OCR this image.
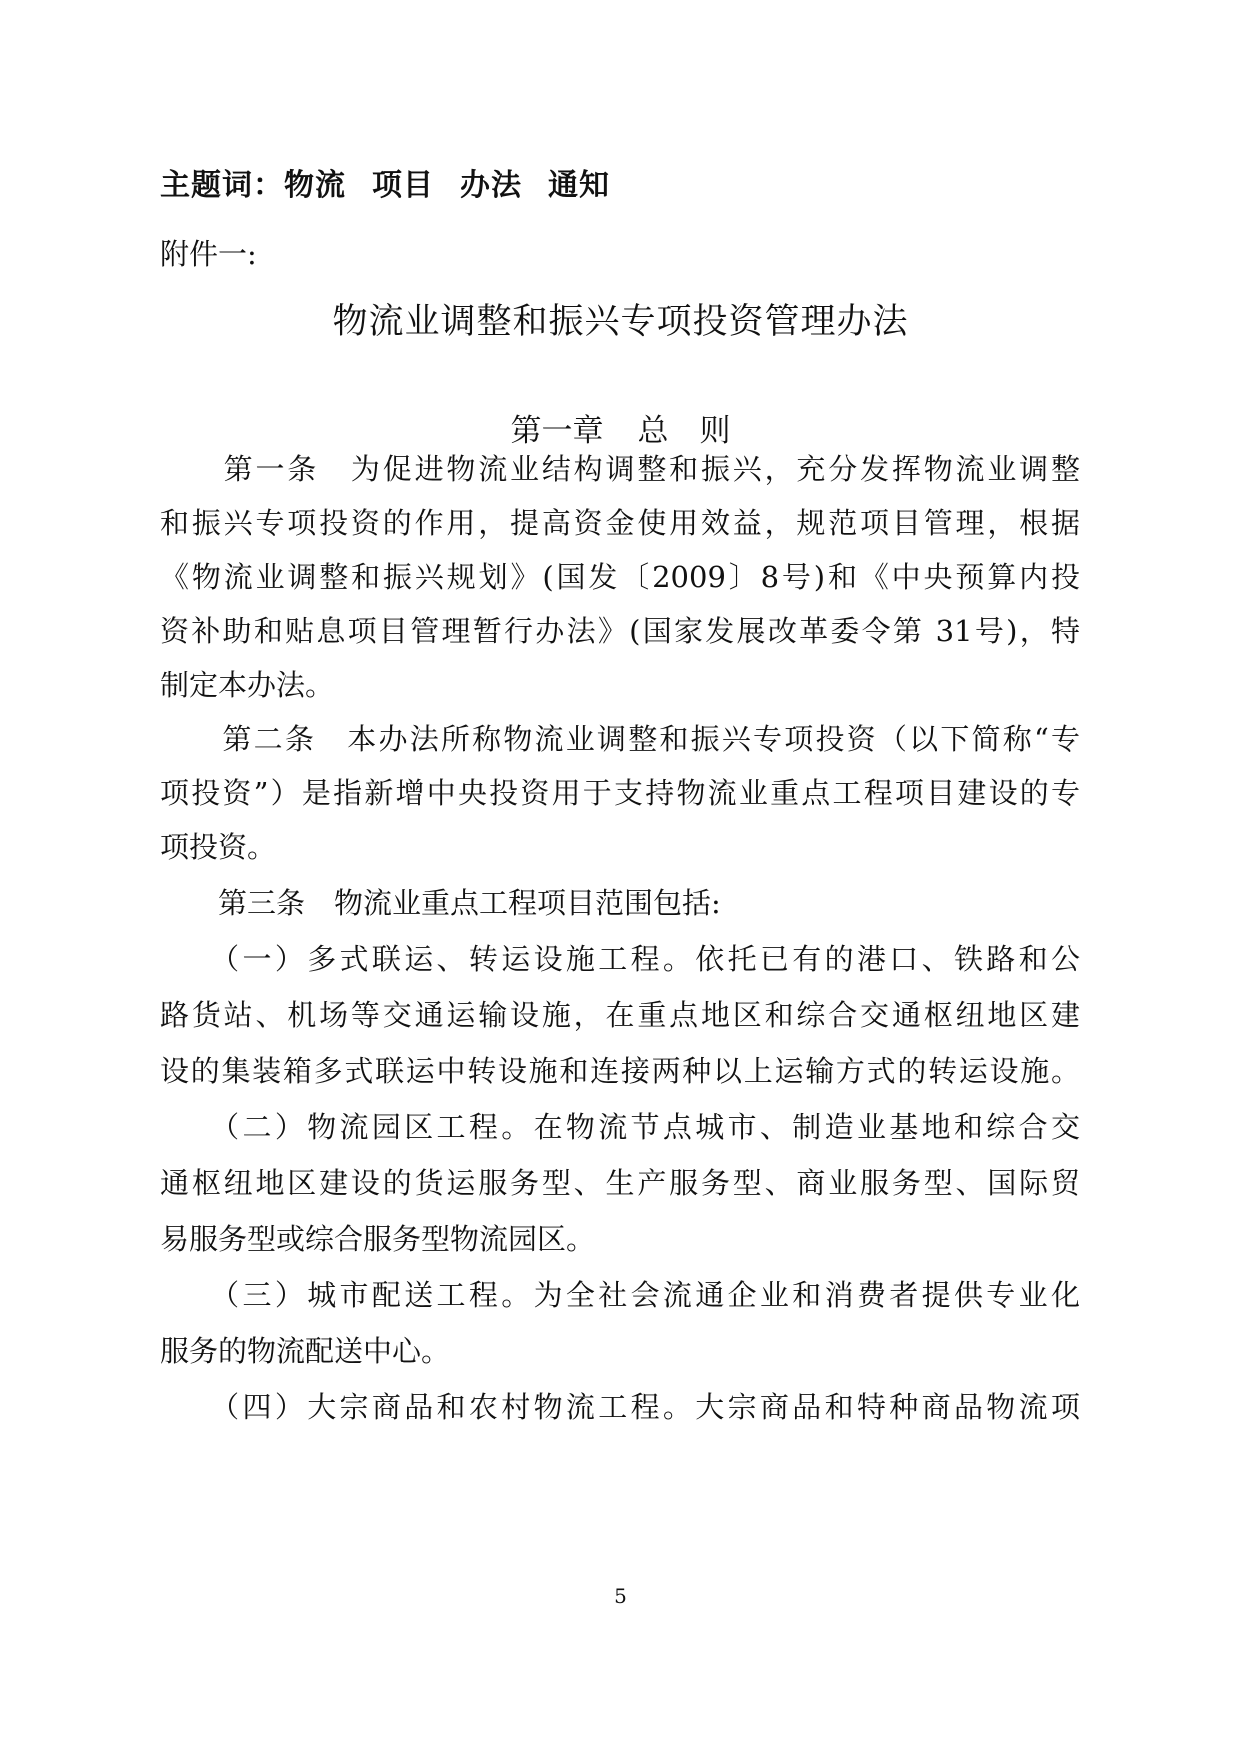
主题词：物流 项目 办法 通知
附件一:
物流业调整和振兴专项投资管理办法
第一章 总　则
　　第一条　为促进物流业结构调整和振兴，充分发挥物流业调整
和振兴专项投资的作用，提高资金使用效益，规范项目管理，根据
《物流业调整和振兴规划》(国发〔2009〕8号)和《中央预算内投
资补助和贴息项目管理暂行办法》(国家发展改革委令第 31号)，特
制定本办法。
　　第二条　本办法所称物流业调整和振兴专项投资（以下简称“专
项投资”）是指新增中央投资用于支持物流业重点工程项目建设的专
项投资。
　　第三条　物流业重点工程项目范围包括:
　　（一）多式联运、转运设施工程。依托已有的港口、铁路和公
路货站、机场等交通运输设施，在重点地区和综合交通枢纽地区建
设的集装箱多式联运中转设施和连接两种以上运输方式的转运设施。
　　（二）物流园区工程。在物流节点城市、制造业基地和综合交
通枢纽地区建设的货运服务型、生产服务型、商业服务型、国际贸
易服务型或综合服务型物流园区。
　　（三）城市配送工程。为全社会流通企业和消费者提供专业化
服务的物流配送中心。
　　（四）大宗商品和农村物流工程。大宗商品和特种商品物流项
5
